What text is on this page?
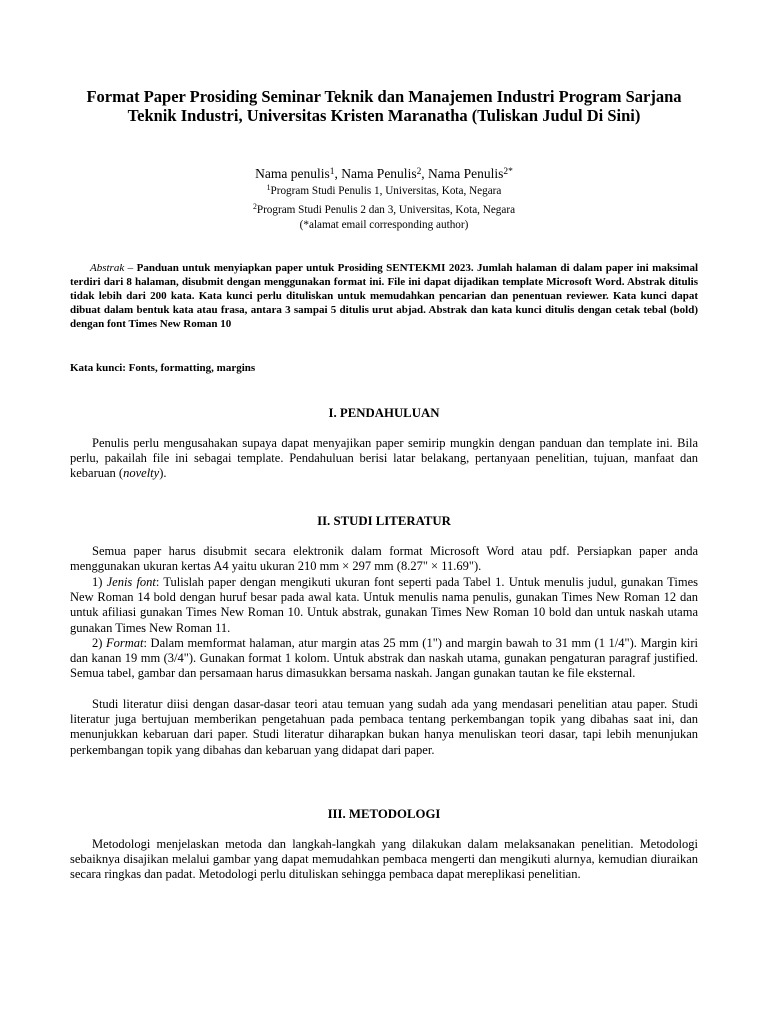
Format Paper Prosiding Seminar Teknik dan Manajemen Industri Program Sarjana Teknik Industri, Universitas Kristen Maranatha (Tuliskan Judul Di Sini)
Nama penulis$^1$, Nama Penulis$^2$, Nama Penulis$^{2*}$
$^1$Program Studi Penulis 1, Universitas, Kota, Negara
$^2$Program Studi Penulis 2 dan 3, Universitas, Kota, Negara
(*alamat email corresponding author)
Abstrak – Panduan untuk menyiapkan paper untuk Prosiding SENTEKMI 2023. Jumlah halaman di dalam paper ini maksimal terdiri dari 8 halaman, disubmit dengan menggunakan format ini. File ini dapat dijadikan template Microsoft Word. Abstrak ditulis tidak lebih dari 200 kata. Kata kunci perlu dituliskan untuk memudahkan pencarian dan penentuan reviewer. Kata kunci dapat dibuat dalam bentuk kata atau frasa, antara 3 sampai 5 ditulis urut abjad. Abstrak dan kata kunci ditulis dengan cetak tebal (bold) dengan font Times New Roman 10
Kata kunci: Fonts, formatting, margins
I. PENDAHULUAN
Penulis perlu mengusahakan supaya dapat menyajikan paper semirip mungkin dengan panduan dan template ini. Bila perlu, pakailah file ini sebagai template. Pendahuluan berisi latar belakang, pertanyaan penelitian, tujuan, manfaat dan kebaruan (novelty).
II. STUDI LITERATUR
Semua paper harus disubmit secara elektronik dalam format Microsoft Word atau pdf. Persiapkan paper anda menggunakan ukuran kertas A4 yaitu ukuran 210 mm × 297 mm (8.27" × 11.69").
1) Jenis font: Tulislah paper dengan mengikuti ukuran font seperti pada Tabel 1. Untuk menulis judul, gunakan Times New Roman 14 bold dengan huruf besar pada awal kata. Untuk menulis nama penulis, gunakan Times New Roman 12 dan untuk afiliasi gunakan Times New Roman 10. Untuk abstrak, gunakan Times New Roman 10 bold dan untuk naskah utama gunakan Times New Roman 11.
2) Format: Dalam memformat halaman, atur margin atas 25 mm (1") and margin bawah to 31 mm (1 1/4"). Margin kiri dan kanan 19 mm (3/4"). Gunakan format 1 kolom. Untuk abstrak dan naskah utama, gunakan pengaturan paragraf justified. Semua tabel, gambar dan persamaan harus dimasukkan bersama naskah. Jangan gunakan tautan ke file eksternal.
Studi literatur diisi dengan dasar-dasar teori atau temuan yang sudah ada yang mendasari penelitian atau paper. Studi literatur juga bertujuan memberikan pengetahuan pada pembaca tentang perkembangan topik yang dibahas saat ini, dan menunjukkan kebaruan dari paper. Studi literatur diharapkan bukan hanya menuliskan teori dasar, tapi lebih menunjukan perkembangan topik yang dibahas dan kebaruan yang didapat dari paper.
III. METODOLOGI
Metodologi menjelaskan metoda dan langkah-langkah yang dilakukan dalam melaksanakan penelitian. Metodologi sebaiknya disajikan melalui gambar yang dapat memudahkan pembaca mengerti dan mengikuti alurnya, kemudian diuraikan secara ringkas dan padat. Metodologi perlu dituliskan sehingga pembaca dapat mereplikasi penelitian.
